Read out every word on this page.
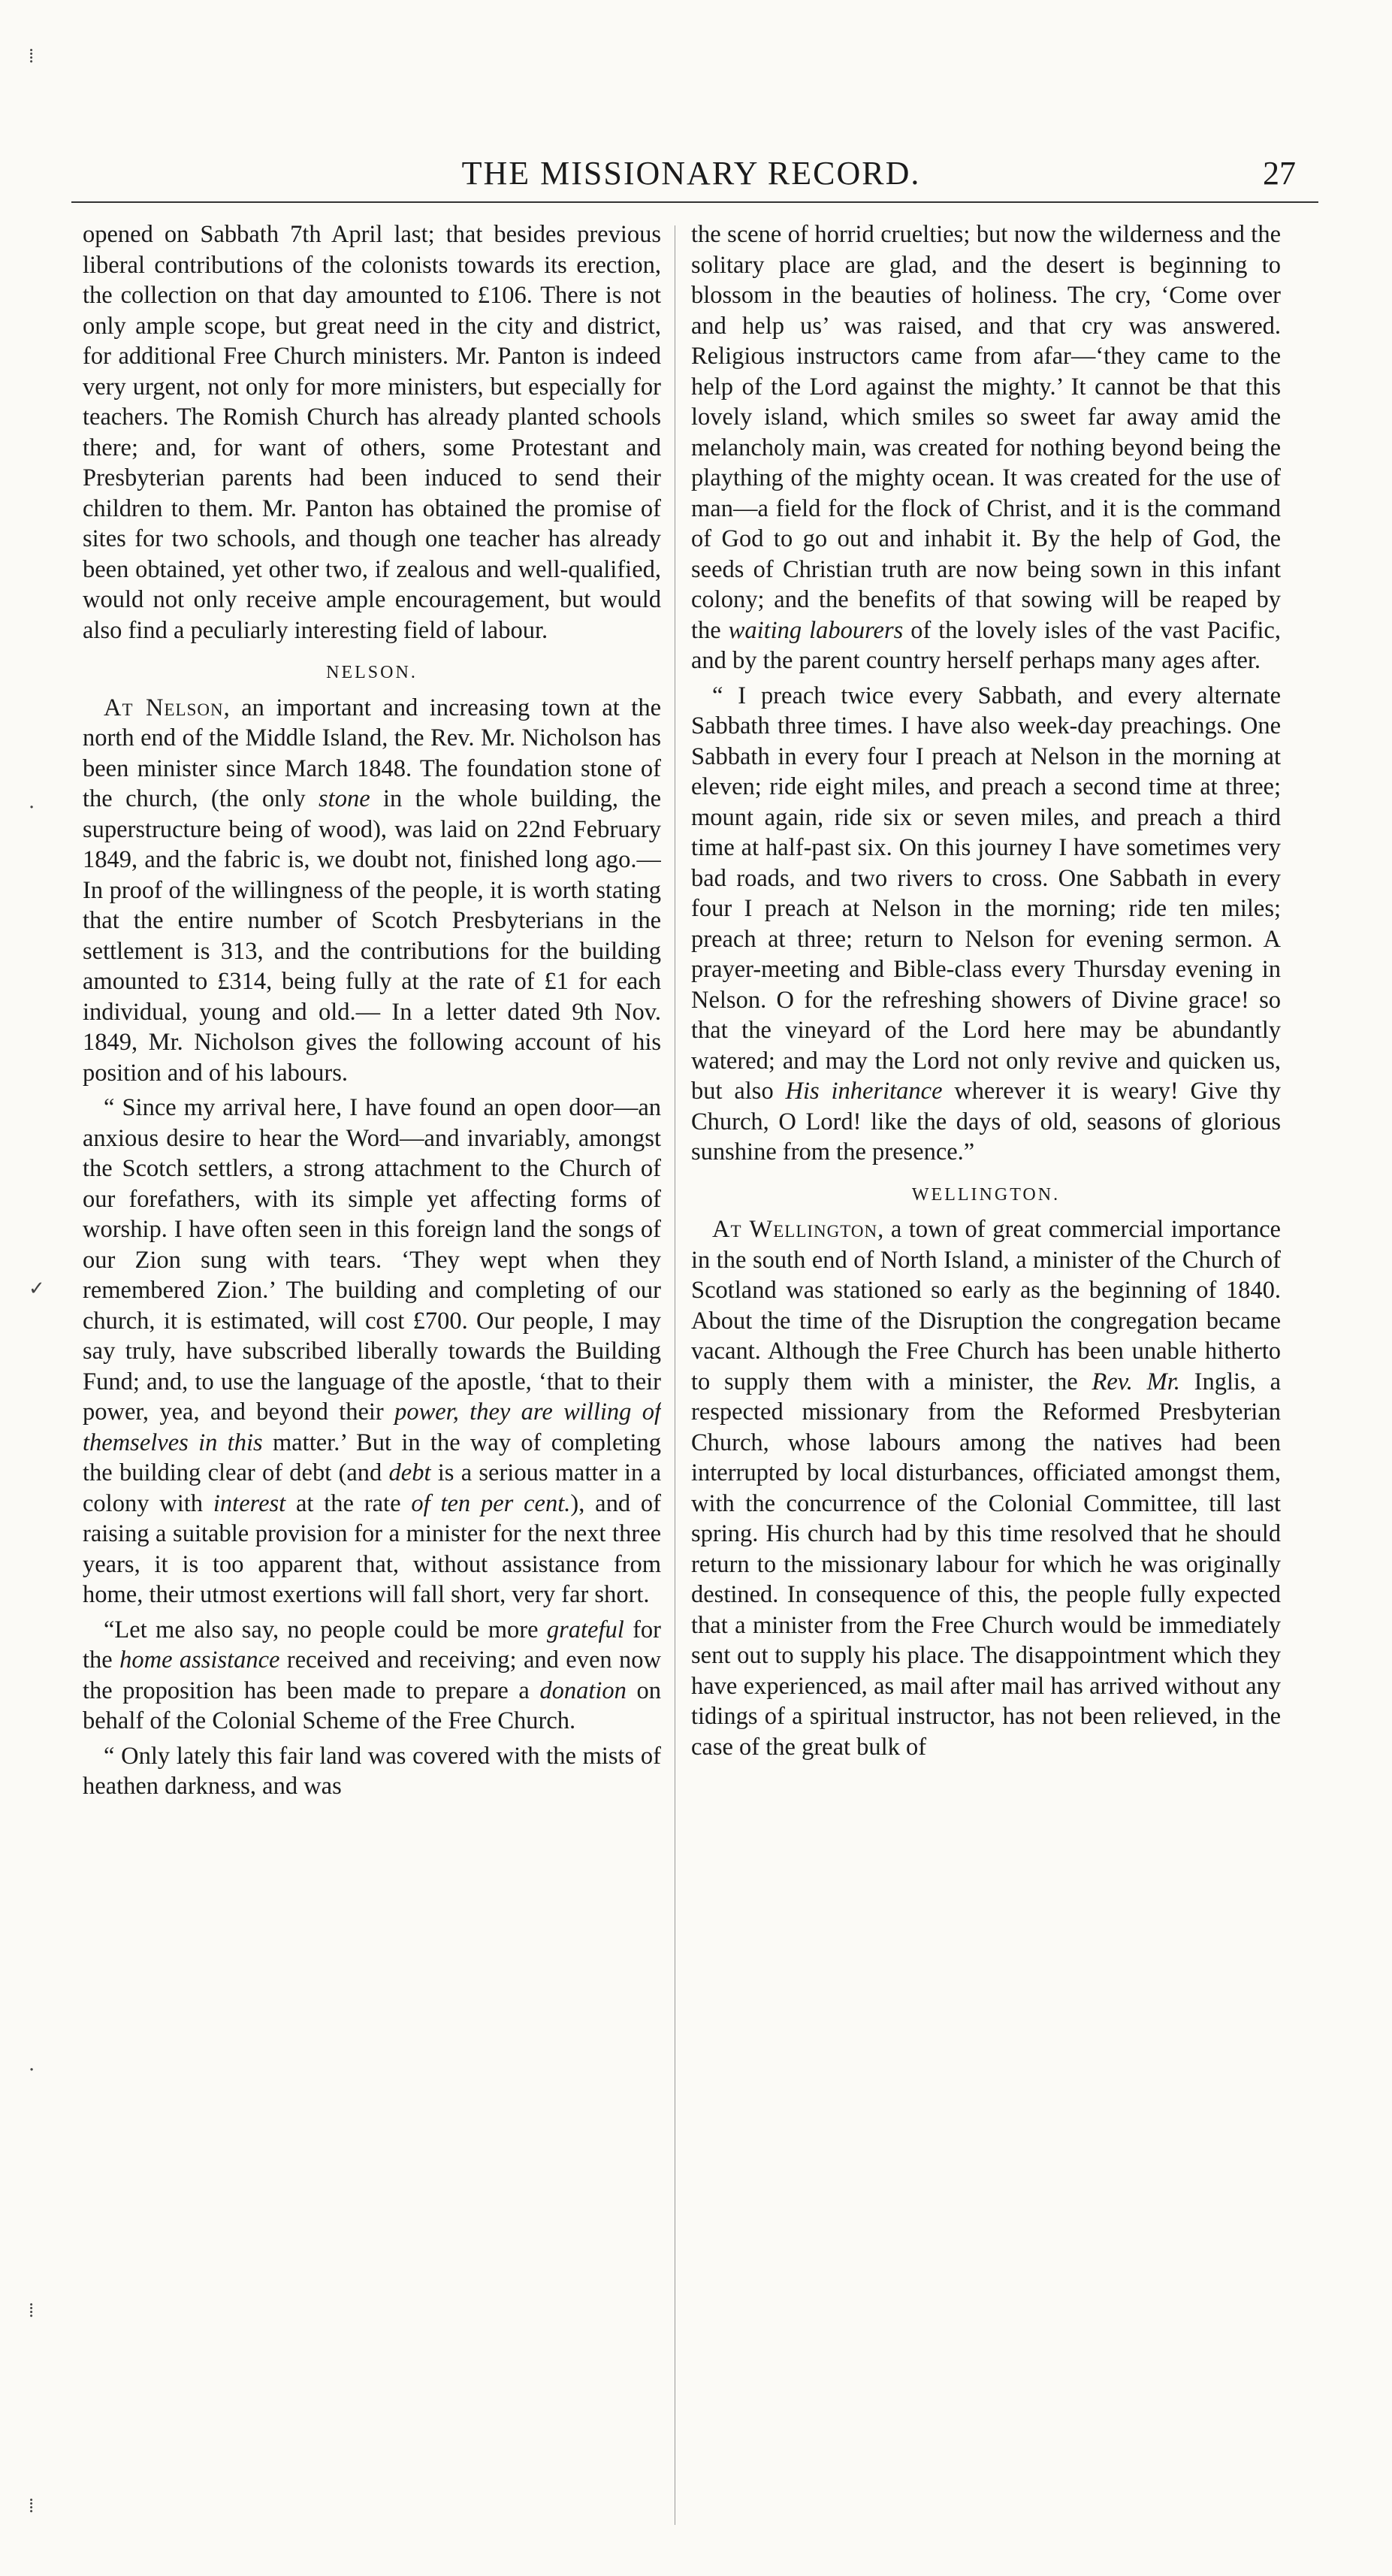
⁞
·
✓
·
⁞
⁞
THE MISSIONARY RECORD.	27

opened on Sabbath 7th April last; that besides previous liberal contributions of the colonists towards its erection, the collection on that day amounted to £106. There is not only ample scope, but great need in the city and district, for additional Free Church ministers. Mr. Panton is indeed very urgent, not only for more ministers, but especially for teachers. The Romish Church has already planted schools there; and, for want of others, some Protestant and Presbyterian parents had been induced to send their children to them. Mr. Panton has obtained the promise of sites for two schools, and though one teacher has already been obtained, yet other two, if zealous and well-qualified, would not only receive ample encouragement, but would also find a peculiarly interesting field of labour.

NELSON.

At Nelson, an important and increasing town at the north end of the Middle Island, the Rev. Mr. Nicholson has been minister since March 1848. The foundation stone of the church, (the only stone in the whole building, the superstructure being of wood), was laid on 22nd February 1849, and the fabric is, we doubt not, finished long ago.— In proof of the willingness of the people, it is worth stating that the entire number of Scotch Presbyterians in the settlement is 313, and the contributions for the building amounted to £314, being fully at the rate of £1 for each individual, young and old.— In a letter dated 9th Nov. 1849, Mr. Nicholson gives the following account of his position and of his labours.

“ Since my arrival here, I have found an open door—an anxious desire to hear the Word—and invariably, amongst the Scotch settlers, a strong attachment to the Church of our forefathers, with its simple yet affecting forms of worship. I have often seen in this foreign land the songs of our Zion sung with tears. ‘They wept when they remembered Zion.’ The building and completing of our church, it is estimated, will cost £700. Our people, I may say truly, have subscribed liberally towards the Building Fund; and, to use the language of the apostle, ‘that to their power, yea, and beyond their power, they are willing of themselves in this matter.’ But in the way of completing the building clear of debt (and debt is a serious matter in a colony with interest at the rate of ten per cent.), and of raising a suitable provision for a minister for the next three years, it is too apparent that, without assistance from home, their utmost exertions will fall short, very far short.

“Let me also say, no people could be more grateful for the home assistance received and receiving; and even now the proposition has been made to prepare a donation on behalf of the Colonial Scheme of the Free Church.

“ Only lately this fair land was covered with the mists of heathen darkness, and was

the scene of horrid cruelties; but now the wilderness and the solitary place are glad, and the desert is beginning to blossom in the beauties of holiness. The cry, ‘Come over and help us’ was raised, and that cry was answered. Religious instructors came from afar—‘they came to the help of the Lord against the mighty.’ It cannot be that this lovely island, which smiles so sweet far away amid the melancholy main, was created for nothing beyond being the plaything of the mighty ocean. It was created for the use of man—a field for the flock of Christ, and it is the command of God to go out and inhabit it. By the help of God, the seeds of Christian truth are now being sown in this infant colony; and the benefits of that sowing will be reaped by the waiting labourers of the lovely isles of the vast Pacific, and by the parent country herself perhaps many ages after.

“ I preach twice every Sabbath, and every alternate Sabbath three times. I have also week-day preachings. One Sabbath in every four I preach at Nelson in the morning at eleven; ride eight miles, and preach a second time at three; mount again, ride six or seven miles, and preach a third time at half-past six. On this journey I have sometimes very bad roads, and two rivers to cross. One Sabbath in every four I preach at Nelson in the morning; ride ten miles; preach at three; return to Nelson for evening sermon. A prayer-meeting and Bible-class every Thursday evening in Nelson. O for the refreshing showers of Divine grace! so that the vineyard of the Lord here may be abundantly watered; and may the Lord not only revive and quicken us, but also His inheritance wherever it is weary! Give thy Church, O Lord! like the days of old, seasons of glorious sunshine from the presence.”

WELLINGTON.

At Wellington, a town of great commercial importance in the south end of North Island, a minister of the Church of Scotland was stationed so early as the beginning of 1840. About the time of the Disruption the congregation became vacant. Although the Free Church has been unable hitherto to supply them with a minister, the Rev. Mr. Inglis, a respected missionary from the Reformed Presbyterian Church, whose labours among the natives had been interrupted by local disturbances, officiated amongst them, with the concurrence of the Colonial Committee, till last spring. His church had by this time resolved that he should return to the missionary labour for which he was originally destined. In consequence of this, the people fully expected that a minister from the Free Church would be immediately sent out to supply his place. The disappointment which they have experienced, as mail after mail has arrived without any tidings of a spiritual instructor, has not been relieved, in the case of the great bulk of
